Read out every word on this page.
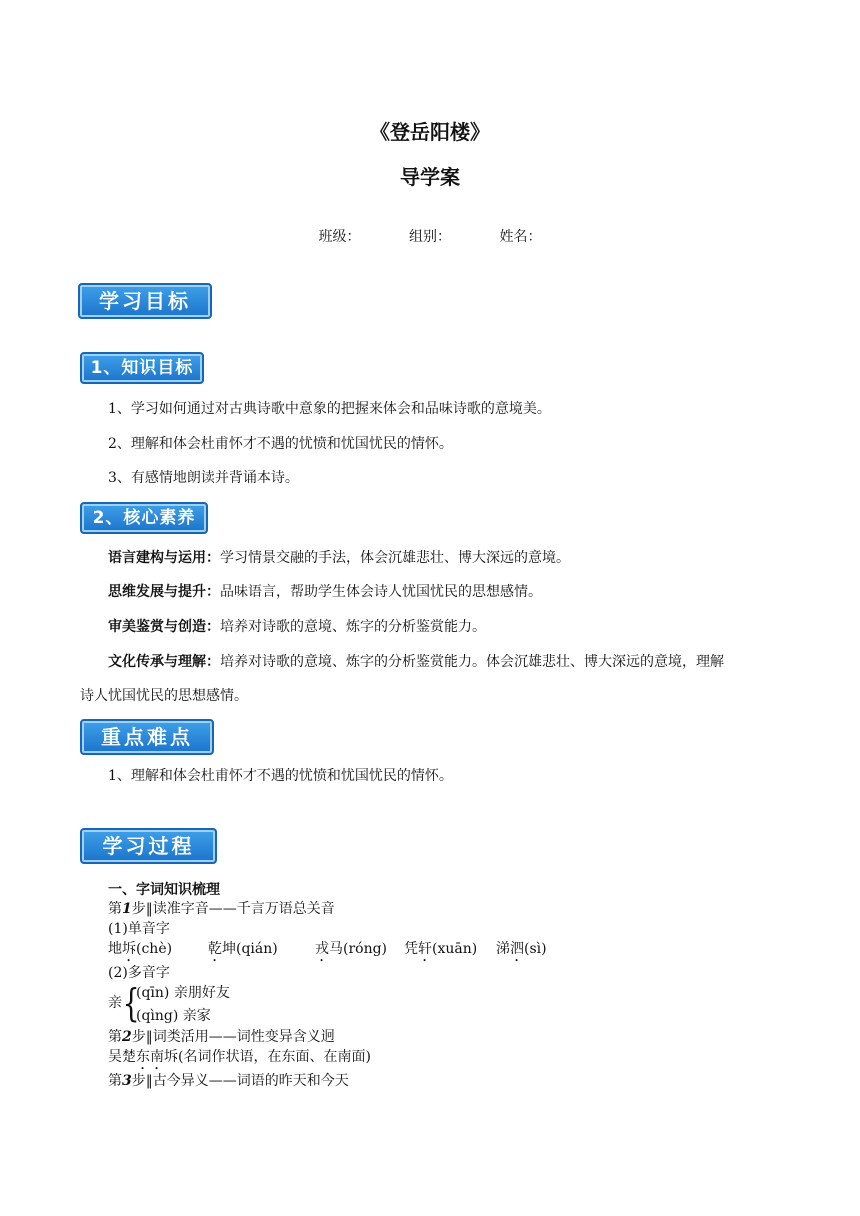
《登岳阳楼》
导学案
班级：	组别：	姓名：
学习目标
1、知识目标
1、学习如何通过对古典诗歌中意象的把握来体会和品味诗歌的意境美。
2、理解和体会杜甫怀才不遇的忧愤和忧国忧民的情怀。
3、有感情地朗读并背诵本诗。
2、核心素养
语言建构与运用：学习情景交融的手法，体会沉雄悲壮、博大深远的意境。
思维发展与提升：品味语言，帮助学生体会诗人忧国忧民的思想感情。
审美鉴赏与创造：培养对诗歌的意境、炼字的分析鉴赏能力。
文化传承与理解：培养对诗歌的意境、炼字的分析鉴赏能力。体会沉雄悲壮、博大深远的意境，理解
诗人忧国忧民的思想感情。
重点难点
1、理解和体会杜甫怀才不遇的忧愤和忧国忧民的情怀。
学习过程
一、字词知识梳理
第1步‖读准字音——千言万语总关音
(1)单音字
地坼(chè)	乾坤(qián)	戎马(róng) 凭轩(xuān) 涕泗(sì)
(2)多音字
亲 {
(qīn) 亲朋好友
(qìng) 亲家
第2步‖词类活用——词性变异含义迥
吴楚东南坼(名词作状语，在东面、在南面)
第3步‖古今异义——词语的昨天和今天
